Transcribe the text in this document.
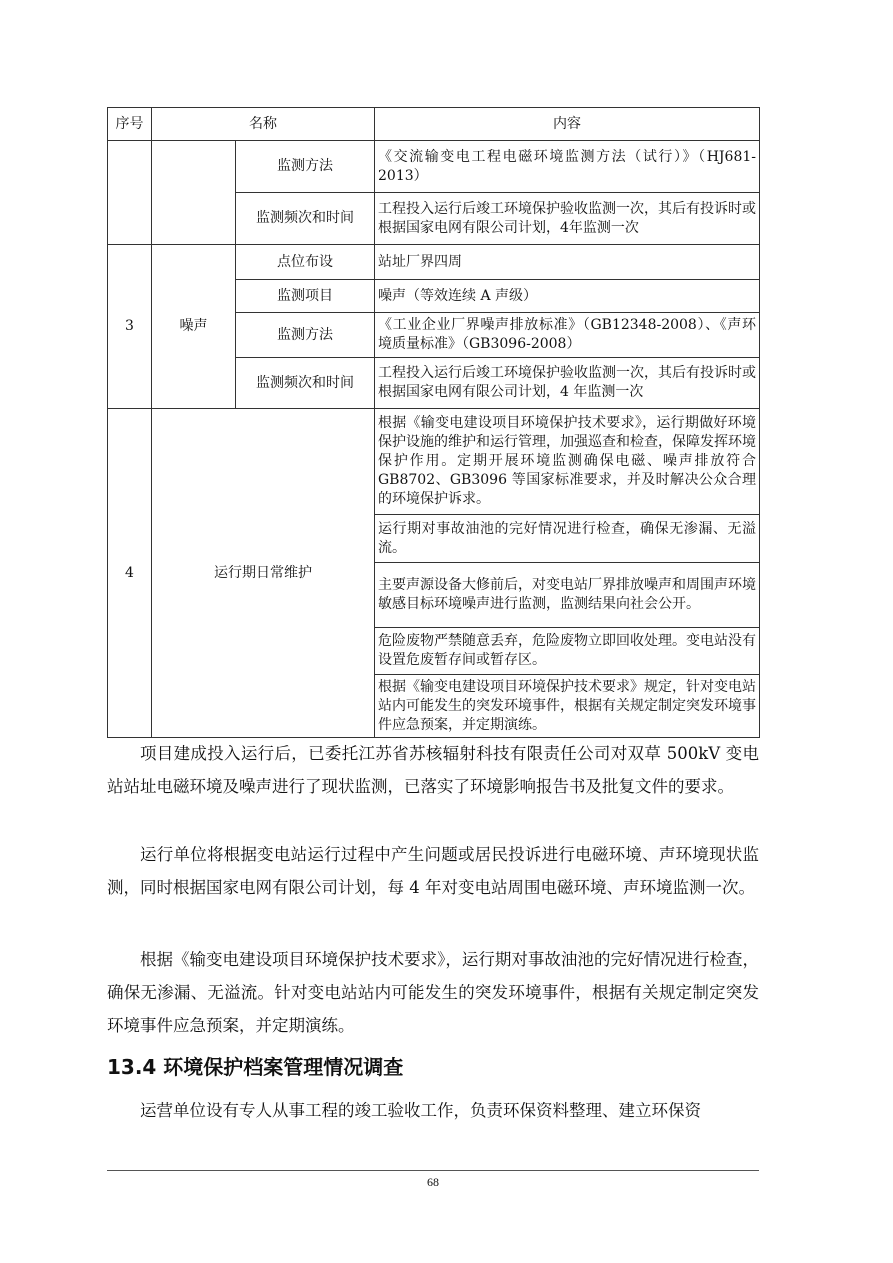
序号	名称		内容
		监测方法	《交流输变电工程电磁环境监测方法（试行）》（HJ681-2013）
		监测频次和时间	工程投入运行后竣工环境保护验收监测一次，其后有投诉时或根据国家电网有限公司计划，4年监测一次
3	噪声	点位布设	站址厂界四周
		监测项目	噪声（等效连续 A 声级）
		监测方法	《工业企业厂界噪声排放标准》（GB12348-2008）、《声环境质量标准》（GB3096-2008）
		监测频次和时间	工程投入运行后竣工环境保护验收监测一次，其后有投诉时或根据国家电网有限公司计划，4 年监测一次
4	运行期日常维护		根据《输变电建设项目环境保护技术要求》，运行期做好环境保护设施的维护和运行管理，加强巡查和检查，保障发挥环境保护作用。定期开展环境监测确保电磁、噪声排放符合 GB8702、GB3096 等国家标准要求，并及时解决公众合理的环境保护诉求。
			运行期对事故油池的完好情况进行检查，确保无渗漏、无溢流。
			主要声源设备大修前后，对变电站厂界排放噪声和周围声环境敏感目标环境噪声进行监测，监测结果向社会公开。
			危险废物严禁随意丢弃，危险废物立即回收处理。变电站没有设置危废暂存间或暂存区。
			根据《输变电建设项目环境保护技术要求》规定，针对变电站站内可能发生的突发环境事件，根据有关规定制定突发环境事件应急预案，并定期演练。

项目建成投入运行后，已委托江苏省苏核辐射科技有限责任公司对双草 500kV 变电站站址电磁环境及噪声进行了现状监测，已落实了环境影响报告书及批复文件的要求。

运行单位将根据变电站运行过程中产生问题或居民投诉进行电磁环境、声环境现状监测，同时根据国家电网有限公司计划，每 4 年对变电站周围电磁环境、声环境监测一次。

根据《输变电建设项目环境保护技术要求》，运行期对事故油池的完好情况进行检查，确保无渗漏、无溢流。针对变电站站内可能发生的突发环境事件，根据有关规定制定突发环境事件应急预案，并定期演练。

13.4 环境保护档案管理情况调查

运营单位设有专人从事工程的竣工验收工作，负责环保资料整理、建立环保资

68
